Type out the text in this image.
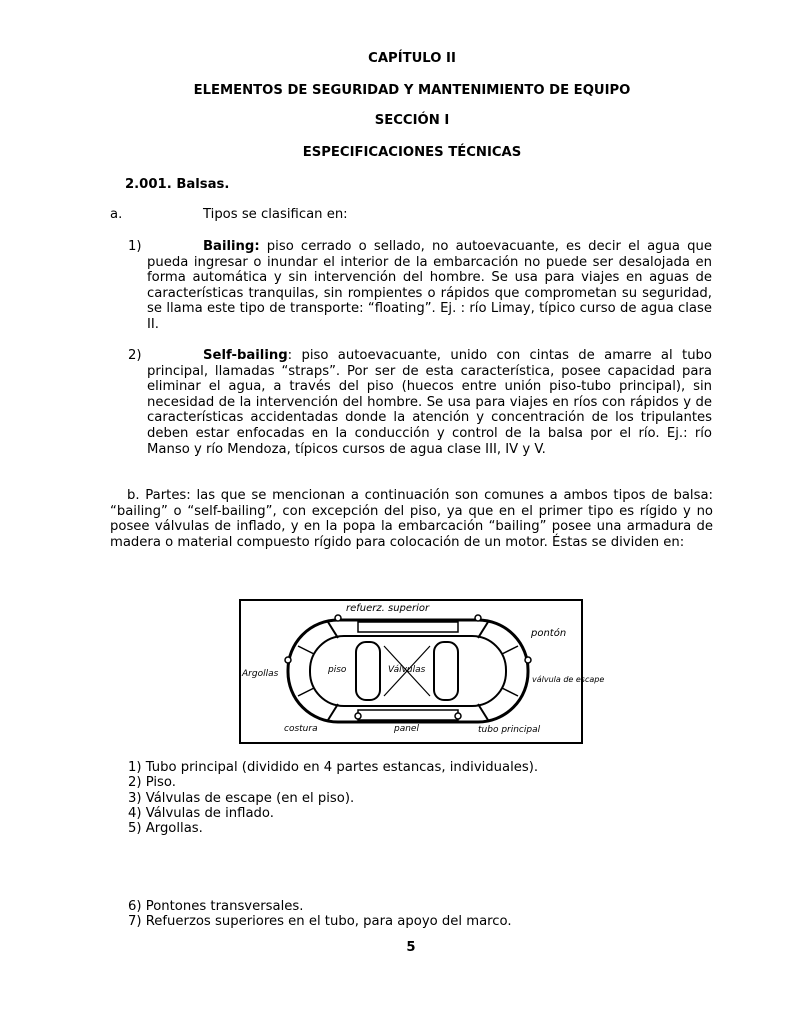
CAPÍTULO II
ELEMENTOS DE SEGURIDAD Y MANTENIMIENTO DE EQUIPO
SECCIÓN I
ESPECIFICACIONES TÉCNICAS
2.001. Balsas.
a.	Tipos se clasifican en:
1)	Bailing: piso cerrado o sellado, no autoevacuante, es decir el agua que pueda ingresar o inundar el interior de la embarcación no puede ser desalojada en forma automática y sin intervención del hombre. Se usa para viajes en aguas de características tranquilas, sin rompientes o rápidos que comprometan su seguridad, se llama este tipo de transporte: “floating”. Ej. : río Limay, típico curso de agua clase II.
2)	Self-bailing: piso autoevacuante, unido con cintas de amarre al tubo principal, llamadas “straps”. Por ser de esta característica, posee capacidad para eliminar el agua, a través del piso (huecos entre unión piso-tubo principal), sin necesidad de la intervención del hombre. Se usa para viajes en ríos con rápidos y de características accidentadas donde la atención y concentración de los tripulantes deben estar enfocadas en la conducción y control de la balsa por el río. Ej.: río Manso y río Mendoza, típicos cursos de agua clase III, IV y V.
b. Partes: las que se mencionan a continuación son comunes a ambos tipos de balsa: “bailing” o “self-bailing”, con excepción del piso, ya que en el primer tipo es rígido y no posee válvulas de inflado, y en la popa la embarcación “bailing” posee una armadura de madera o material compuesto rígido para colocación de un motor. Éstas se dividen en:
refuerz. superior
pontón
Argollas	piso	Válvulas
válvula de escape
costura	panel	tubo principal
1) Tubo principal (dividido en 4 partes estancas, individuales).
2) Piso.
3) Válvulas de escape (en el piso).
4) Válvulas de inflado.
5) Argollas.
6) Pontones transversales.
7) Refuerzos superiores en el tubo, para apoyo del marco.
5
